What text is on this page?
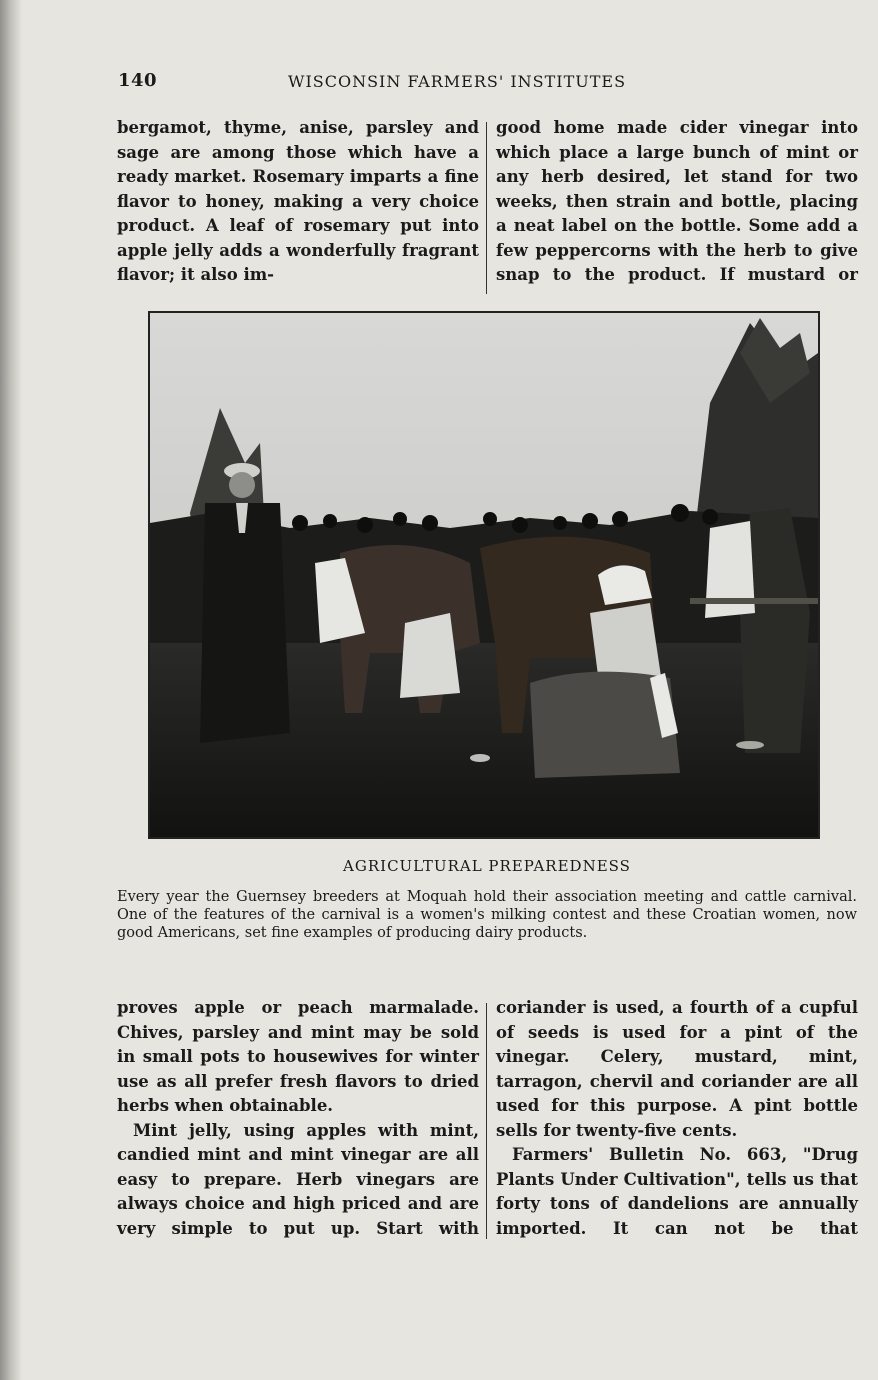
140	WISCONSIN FARMERS' INSTITUTES

bergamot, thyme, anise, parsley and sage are among those which have a ready market. Rosemary imparts a fine flavor to honey, making a very choice product. A leaf of rosemary put into apple jelly adds a wonderfully fragrant flavor; it also im-

good home made cider vinegar into which place a large bunch of mint or any herb desired, let stand for two weeks, then strain and bottle, placing a neat label on the bottle. Some add a few peppercorns with the herb to give snap to the product. If mustard or

AGRICULTURAL PREPAREDNESS
Every year the Guernsey breeders at Moquah hold their association meeting and cattle carnival. One of the features of the carnival is a women's milking contest and these Croatian women, now good Americans, set fine examples of producing dairy products.

proves apple or peach marmalade. Chives, parsley and mint may be sold in small pots to housewives for winter use as all prefer fresh flavors to dried herbs when obtainable.

Mint jelly, using apples with mint, candied mint and mint vinegar are all easy to prepare. Herb vinegars are always choice and high priced and are very simple to put up. Start with

coriander is used, a fourth of a cupful of seeds is used for a pint of the vinegar. Celery, mustard, mint, tarragon, chervil and coriander are all used for this purpose. A pint bottle sells for twenty-five cents.

Farmers' Bulletin No. 663, "Drug Plants Under Cultivation", tells us that forty tons of dandelions are annually imported. It can not be that
